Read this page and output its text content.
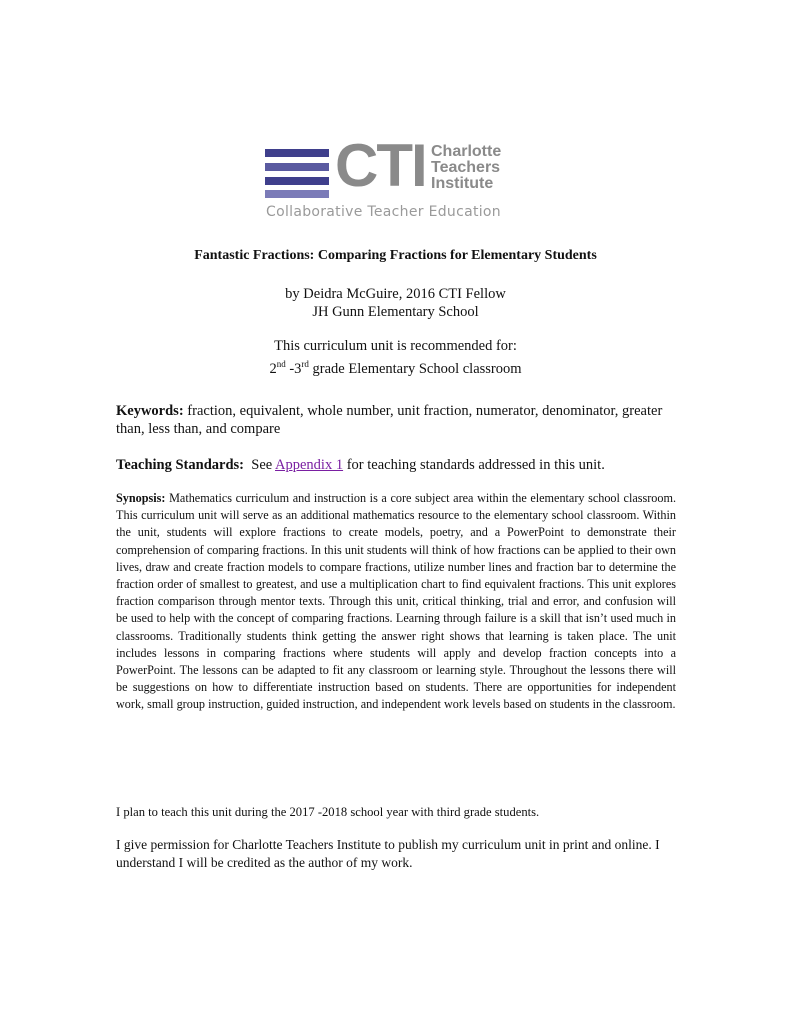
CTI Charlotte
Teachers
Institute
Collaborative Teacher Education
Fantastic Fractions: Comparing Fractions for Elementary Students
by Deidra McGuire, 2016 CTI Fellow
JH Gunn Elementary School
This curriculum unit is recommended for:
2nd -3rd grade Elementary School classroom
Keywords: fraction, equivalent, whole number, unit fraction, numerator, denominator, greater than, less than, and compare
Teaching Standards:  See Appendix 1 for teaching standards addressed in this unit.
Synopsis: Mathematics curriculum and instruction is a core subject area within the elementary school classroom. This curriculum unit will serve as an additional mathematics resource to the elementary school classroom. Within the unit, students will explore fractions to create models, poetry, and a PowerPoint to demonstrate their comprehension of comparing fractions. In this unit students will think of how fractions can be applied to their own lives, draw and create fraction models to compare fractions, utilize number lines and fraction bar to determine the fraction order of smallest to greatest, and use a multiplication chart to find equivalent fractions. This unit explores fraction comparison through mentor texts. Through this unit, critical thinking, trial and error, and confusion will be used to help with the concept of comparing fractions. Learning through failure is a skill that isn’t used much in classrooms. Traditionally students think getting the answer right shows that learning is taken place. The unit includes lessons in comparing fractions where students will apply and develop fraction concepts into a PowerPoint. The lessons can be adapted to fit any classroom or learning style. Throughout the lessons there will be suggestions on how to differentiate instruction based on students. There are opportunities for independent work, small group instruction, guided instruction, and independent work levels based on students in the classroom.
I plan to teach this unit during the 2017 -2018 school year with third grade students.
I give permission for Charlotte Teachers Institute to publish my curriculum unit in print and online. I understand I will be credited as the author of my work.
